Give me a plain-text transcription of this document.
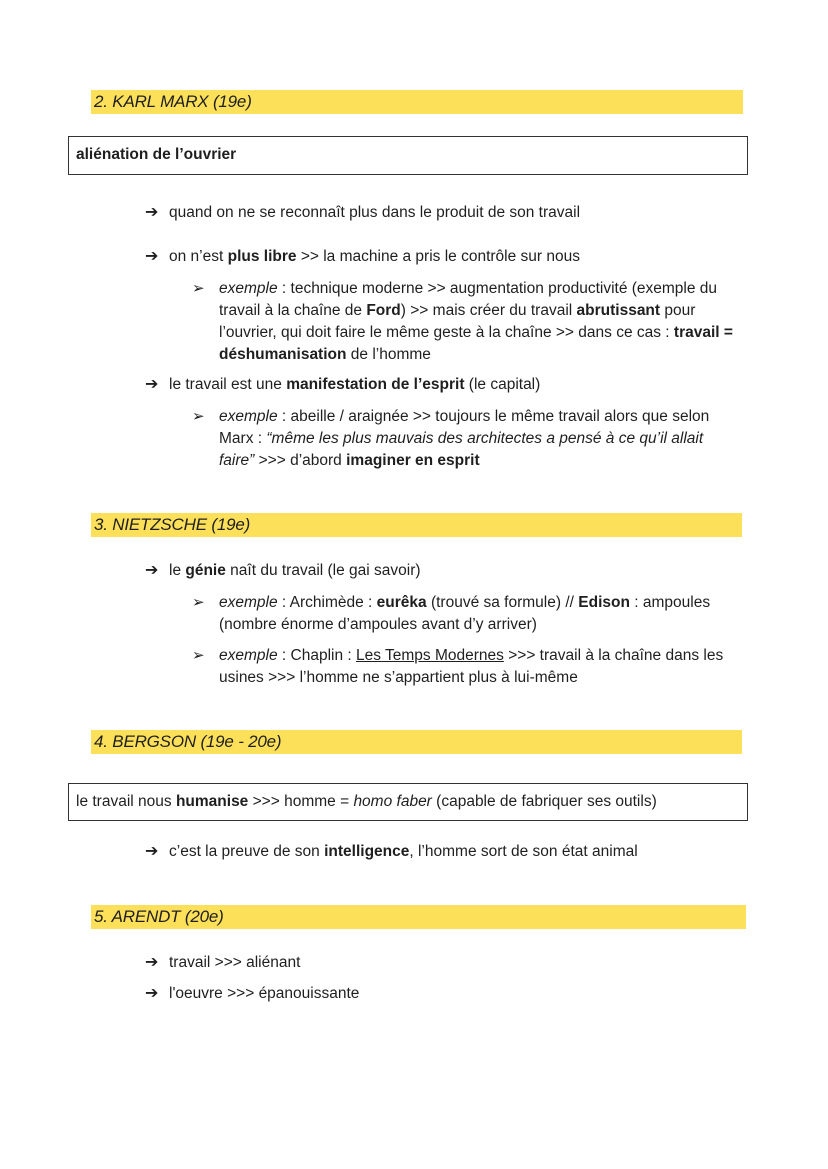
2. KARL MARX (19e)
aliénation de l’ouvrier
➔ quand on ne se reconnaît plus dans le produit de son travail
➔ on n’est plus libre >> la machine a pris le contrôle sur nous
➢ exemple : technique moderne >> augmentation productivité (exemple du
travail à la chaîne de Ford) >> mais créer du travail abrutissant pour
l’ouvrier, qui doit faire le même geste à la chaîne >> dans ce cas : travail =
déshumanisation de l’homme
➔ le travail est une manifestation de l’esprit (le capital)
➢ exemple : abeille / araignée >> toujours le même travail alors que selon
Marx : “même les plus mauvais des architectes a pensé à ce qu’il allait
faire” >>> d’abord imaginer en esprit
3. NIETZSCHE (19e)
➔ le génie naît du travail (le gai savoir)
➢ exemple : Archimède : eurêka (trouvé sa formule) // Edison : ampoules
(nombre énorme d’ampoules avant d’y arriver)
➢ exemple : Chaplin : Les Temps Modernes >>> travail à la chaîne dans les
usines >>> l’homme ne s’appartient plus à lui-même
4. BERGSON (19e - 20e)
le travail nous humanise >>> homme = homo faber (capable de fabriquer ses outils)
➔ c’est la preuve de son intelligence, l’homme sort de son état animal
5. ARENDT (20e)
➔ travail >>> aliénant
➔ l'oeuvre >>> épanouissante
